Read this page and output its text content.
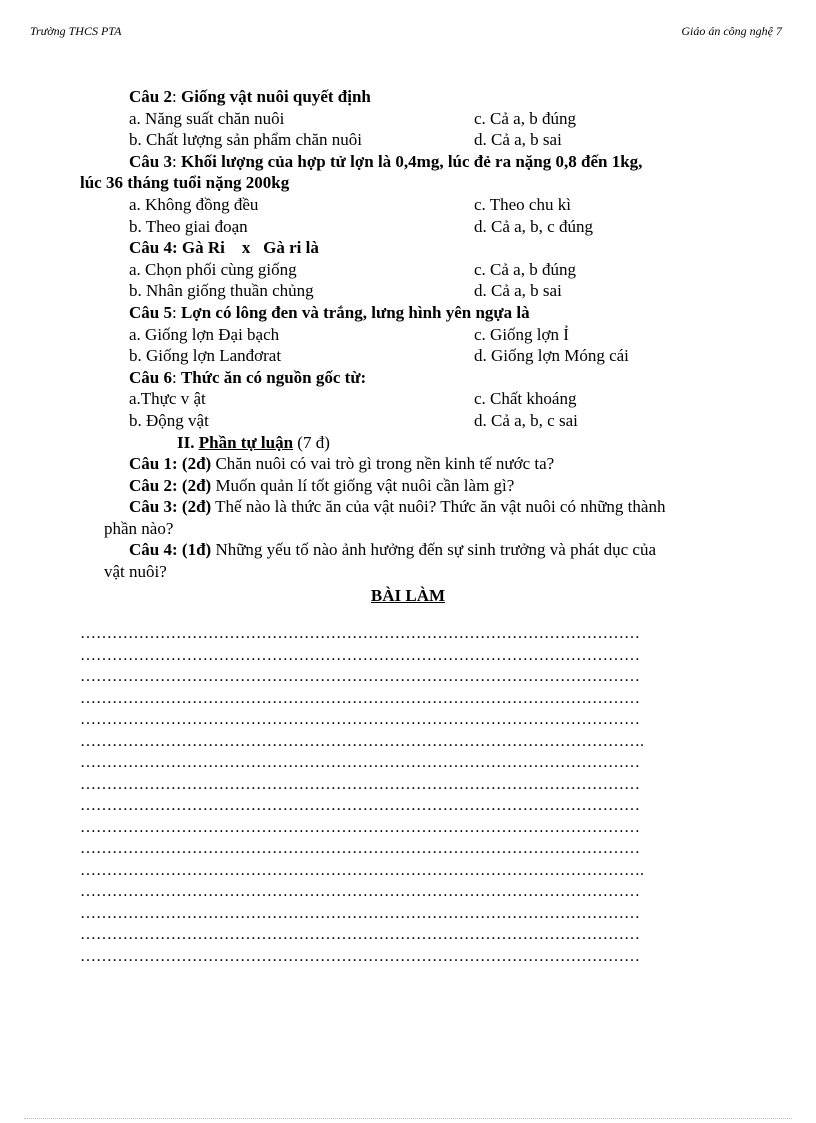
Trường THCS PTA	Giáo án công nghệ 7
Câu 2: Giống vật nuôi quyết định
a. Năng suất chăn nuôi	c. Cả a, b đúng
b. Chất lượng sản phẩm chăn nuôi	d. Cả a, b sai
Câu 3: Khối lượng của hợp tử lợn là 0,4mg, lúc đẻ ra nặng 0,8 đến 1kg,
lúc 36 tháng tuổi nặng 200kg
a. Không đồng đều	c. Theo chu kì
b. Theo giai đoạn	d. Cả a, b, c đúng
Câu 4: Gà Ri    x   Gà ri là
a. Chọn phối cùng giống	c. Cả a, b đúng
b. Nhân giống thuần chủng	d. Cả a, b sai
Câu 5: Lợn có lông đen và trắng, lưng hình yên ngựa là
a. Giống lợn Đại bạch	c. Giống lợn Ỉ
b. Giống lợn Lanđơrat	d. Giống lợn Móng cái
Câu 6: Thức ăn có nguồn gốc từ:
a.Thực v ật	c. Chất khoáng
b. Động vật	d. Cả a, b, c sai
II. Phần tự luận (7 đ)
Câu 1: (2đ) Chăn nuôi có vai trò gì trong nền kinh tế nước ta?
Câu 2: (2đ) Muốn quản lí tốt giống vật nuôi cần làm gì?
Câu 3: (2đ) Thế nào là thức ăn của vật nuôi? Thức ăn vật nuôi có những thành
phần nào?
Câu 4: (1đ) Những yếu tố nào ảnh hưởng đến sự sinh trưởng và phát dục của
vật nuôi?
BÀI LÀM
……………………………………………………………………………………………
……………………………………………………………………………………………
……………………………………………………………………………………………
……………………………………………………………………………………………
……………………………………………………………………………………………
…………………………………………………………………………………………….
……………………………………………………………………………………………
……………………………………………………………………………………………
……………………………………………………………………………………………
……………………………………………………………………………………………
……………………………………………………………………………………………
…………………………………………………………………………………………….
……………………………………………………………………………………………
……………………………………………………………………………………………
……………………………………………………………………………………………
……………………………………………………………………………………………
